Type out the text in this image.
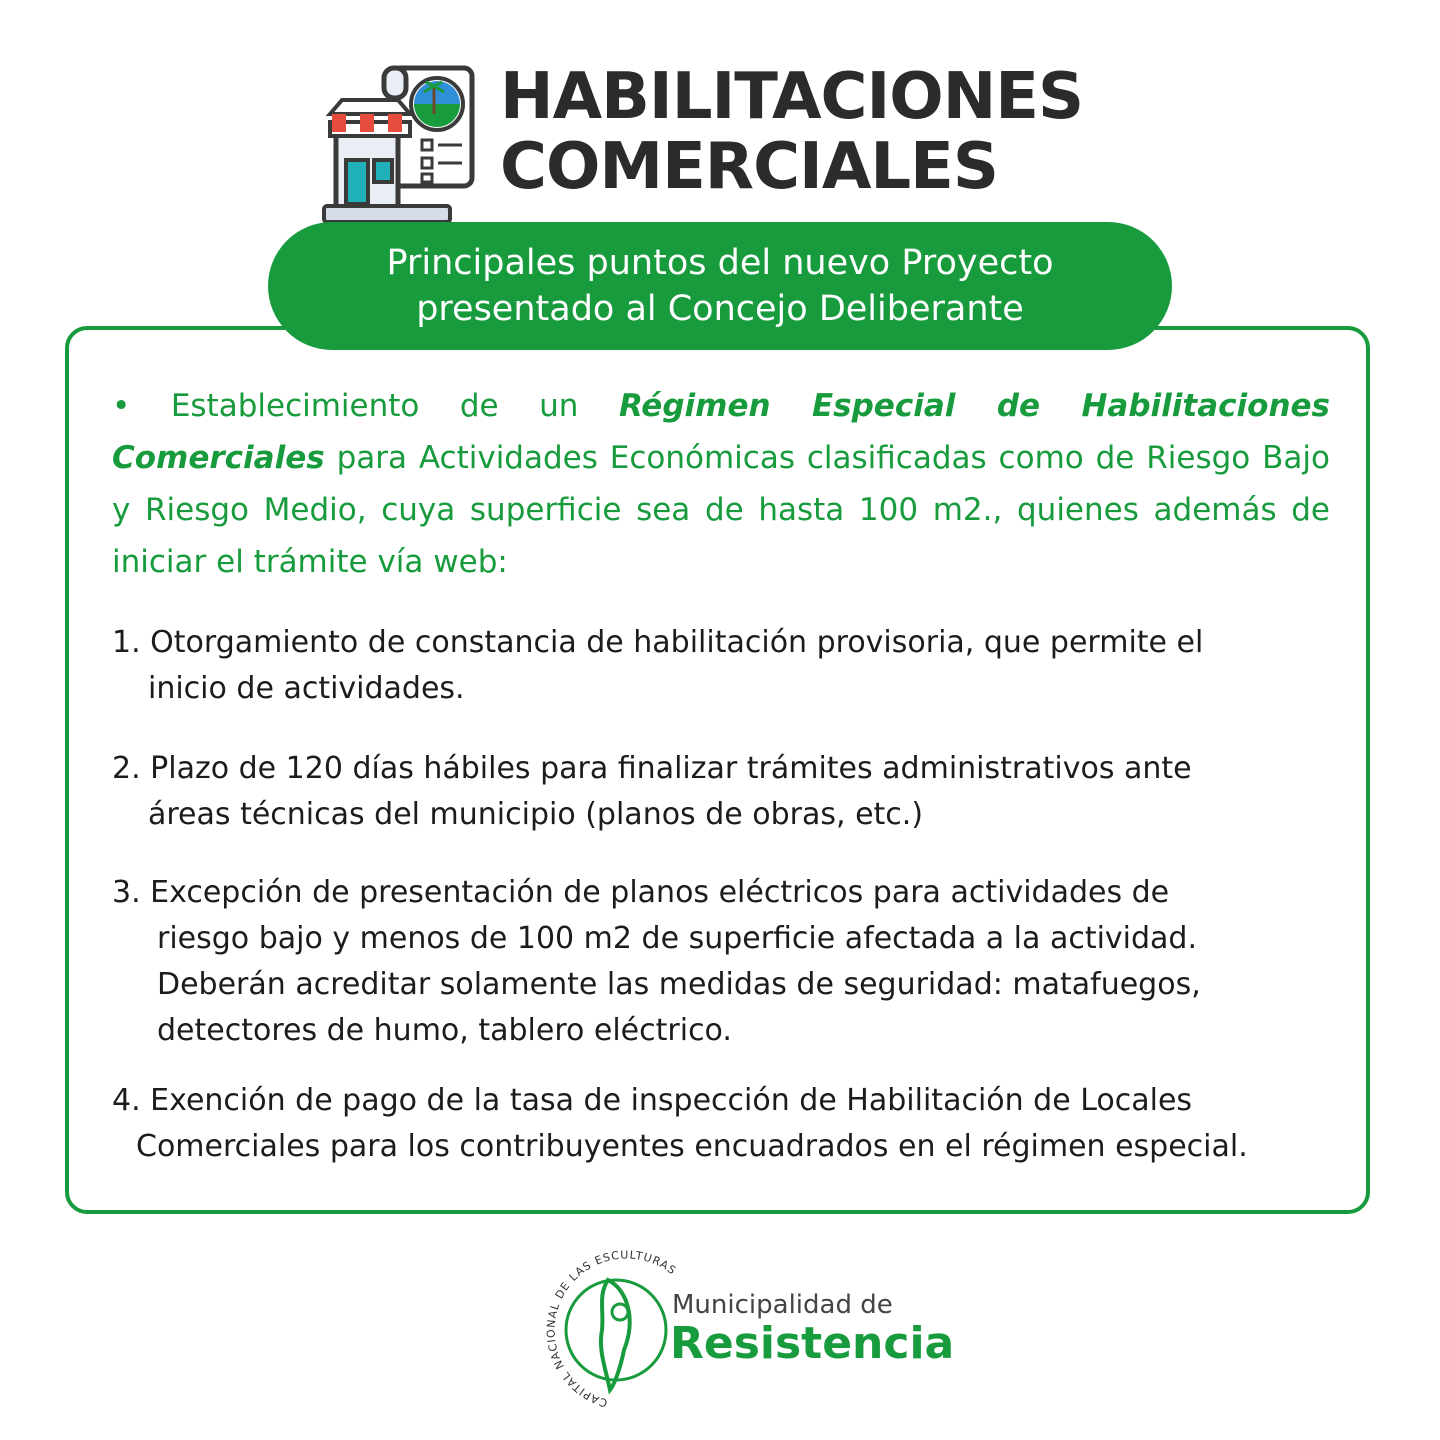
HABILITACIONES
COMERCIALES
Principales puntos del nuevo Proyecto
presentado al Concejo Deliberante

• Establecimiento de un Régimen Especial de Habilitaciones Comerciales para Actividades Económicas clasificadas como de Riesgo Bajo y Riesgo Medio, cuya superficie sea de hasta 100 m2., quienes además de iniciar el trámite vía web:

1. Otorgamiento de constancia de habilitación provisoria, que permite el
inicio de actividades.
2. Plazo de 120 días hábiles para finalizar trámites administrativos ante
áreas técnicas del municipio (planos de obras, etc.)
3. Excepción de presentación de planos eléctricos para actividades de
riesgo bajo y menos de 100 m2 de superficie afectada a la actividad.
Deberán acreditar solamente las medidas de seguridad: matafuegos,
detectores de humo, tablero eléctrico.
4. Exención de pago de la tasa de inspección de Habilitación de Locales
Comerciales para los contribuyentes encuadrados en el régimen especial.
CAPITAL NACIONAL DE LAS ESCULTURAS
Municipalidad de
Resistencia
